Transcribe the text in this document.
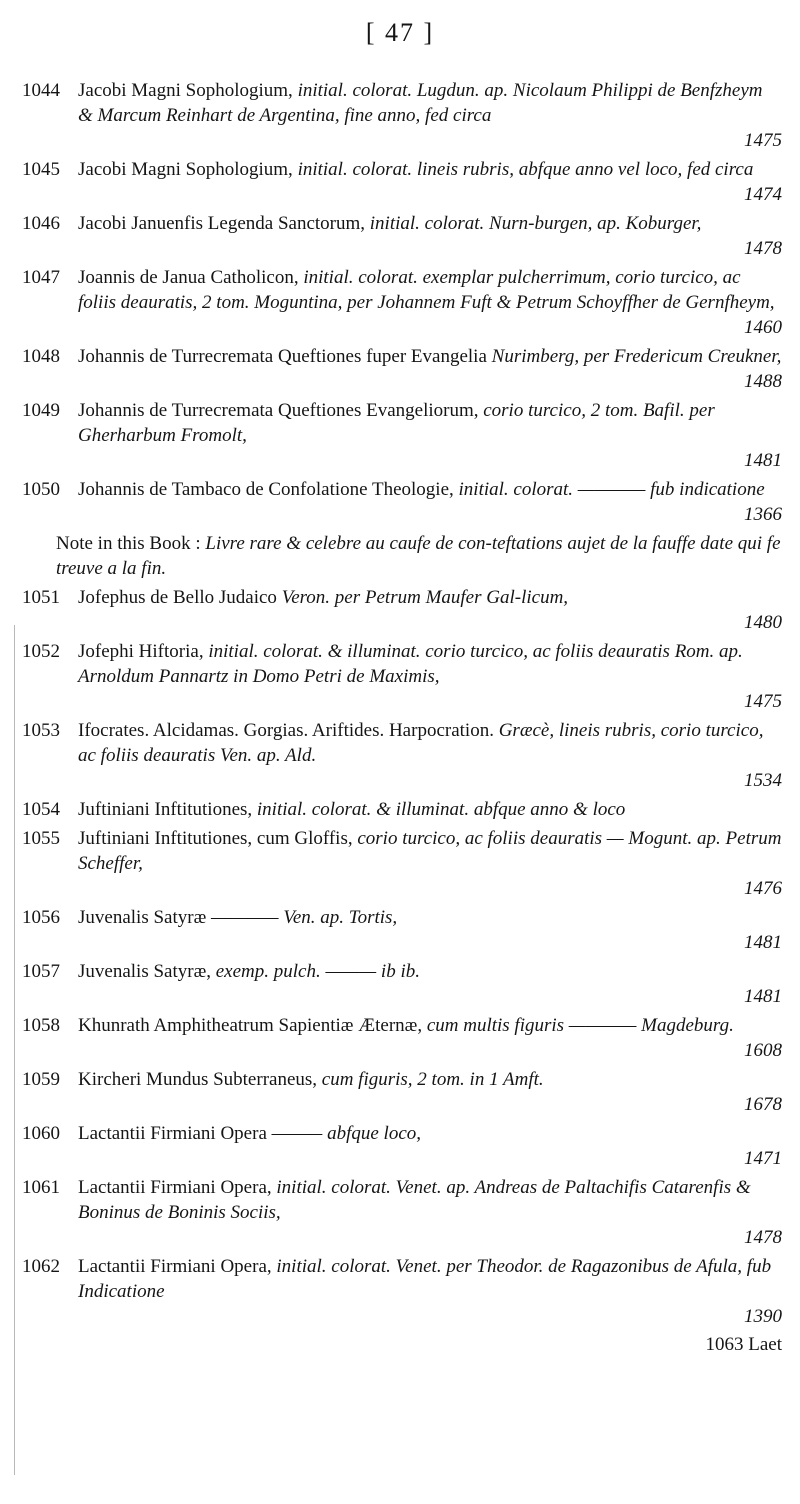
[ 47 ]
1044 Jacobi Magni Sophologium, initial. colorat. Lugdun. ap. Nicolaum Philippi de Benfzheym & Marcum Reinhart de Argentina, fine anno, fed circa
1475
1045 Jacobi Magni Sophologium, initial. colorat. lineis rubris, abfque anno vel loco, fed circa
1474
1046 Jacobi Januenfis Legenda Sanctorum, initial. colorat. Nurn-burgen, ap. Koburger,
1478
1047 Joannis de Janua Catholicon, initial. colorat. exemplar pulcherrimum, corio turcico, ac foliis deauratis, 2 tom. Moguntina, per Johannem Fuft & Petrum Schoyffher de Gernfheym,
1460
1048 Johannis de Turrecremata Queftiones fuper Evangelia Nurimberg, per Fredericum Creukner,
1488
1049 Johannis de Turrecremata Queftiones Evangeliorum, corio turcico, 2 tom. Bafil. per Gherharbum Fromolt,
1481
1050 Johannis de Tambaco de Confolatione Theologie, initial. colorat. ———— fub indicatione
1366
Note in this Book : Livre rare & celebre au caufe de con-teftations aujet de la fauffe date qui fe treuve a la fin.
1051 Jofephus de Bello Judaico Veron. per Petrum Maufer Gal-licum,
1480
1052 Jofephi Hiftoria, initial. colorat. & illuminat. corio turcico, ac foliis deauratis Rom. ap. Arnoldum Pannartz in Domo Petri de Maximis,
1475
1053 Ifocrates. Alcidamas. Gorgias. Ariftides. Harpocration. Græcè, lineis rubris, corio turcico, ac foliis deauratis Ven. ap. Ald.
1534
1054 Juftiniani Inftitutiones, initial. colorat. & illuminat. abfque anno & loco
1055 Juftiniani Inftitutiones, cum Gloffis, corio turcico, ac foliis deauratis — Mogunt. ap. Petrum Scheffer,
1476
1056 Juvenalis Satyræ ———— Ven. ap. Tortis,
1481
1057 Juvenalis Satyræ, exemp. pulch. ——— ib ib.
1481
1058 Khunrath Amphitheatrum Sapientiæ Æternæ, cum multis figuris ———— Magdeburg.
1608
1059 Kircheri Mundus Subterraneus, cum figuris, 2 tom. in 1 Amft.
1678
1060 Lactantii Firmiani Opera ——— abfque loco,
1471
1061 Lactantii Firmiani Opera, initial. colorat. Venet. ap. Andreas de Paltachifis Catarenfis & Boninus de Boninis Sociis,
1478
1062 Lactantii Firmiani Opera, initial. colorat. Venet. per Theodor. de Ragazonibus de Afula, fub Indicatione
1390
1063 Laet
